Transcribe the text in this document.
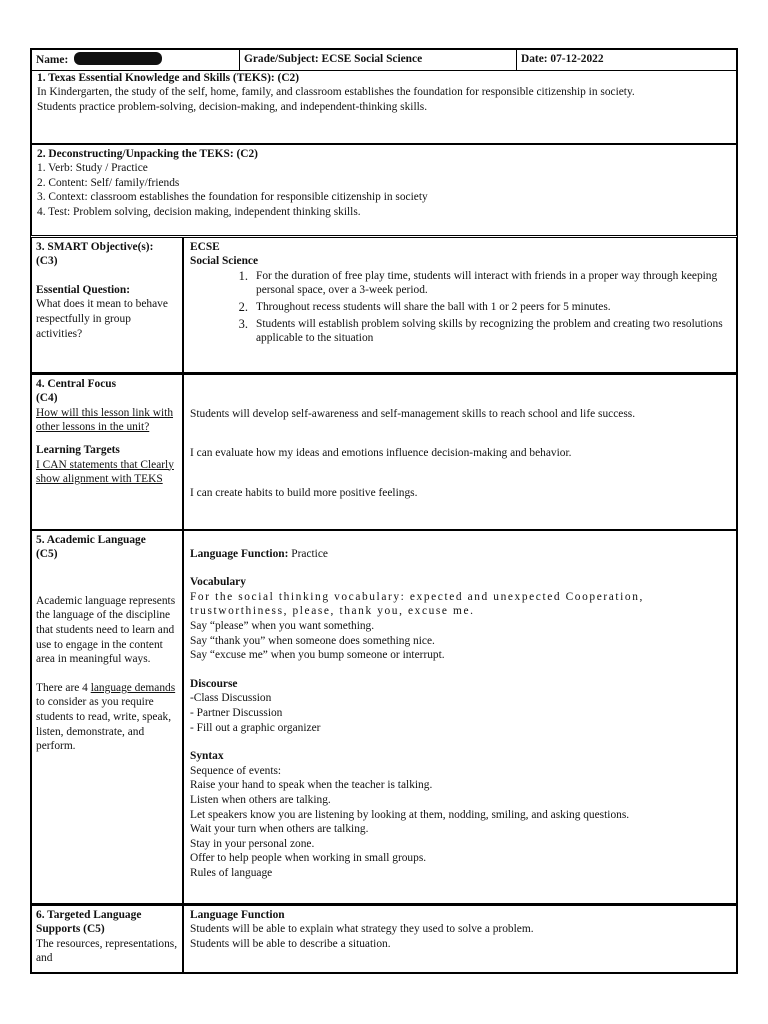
Name:	Grade/Subject: ECSE Social Science	Date: 07-12-2022
1. Texas Essential Knowledge and Skills (TEKS): (C2)
In Kindergarten, the study of the self, home, family, and classroom establishes the foundation for responsible citizenship in society.
Students practice problem-solving, decision-making, and independent-thinking skills.
2. Deconstructing/Unpacking the TEKS: (C2)
1. Verb: Study / Practice
2. Content: Self/ family/friends
3. Context: classroom establishes the foundation for responsible citizenship in society
4. Test: Problem solving, decision making, independent thinking skills.
3. SMART Objective(s):
(C3)
Essential Question:
What does it mean to behave respectfully in group activities?
ECSE
Social Science
1. For the duration of free play time, students will interact with friends in a proper way through keeping personal space, over a 3-week period.
2. Throughout recess students will share the ball with 1 or 2 peers for 5 minutes.
3. Students will establish problem solving skills by recognizing the problem and creating two resolutions applicable to the situation
4. Central Focus
(C4)
How will this lesson link with other lessons in the unit?
Learning Targets
I CAN statements that Clearly show alignment with TEKS
Students will develop self-awareness and self-management skills to reach school and life success.
I can evaluate how my ideas and emotions influence decision-making and behavior.
I can create habits to build more positive feelings.
5. Academic Language
(C5)
Academic language represents the language of the discipline that students need to learn and use to engage in the content area in meaningful ways.
There are 4 language demands to consider as you require students to read, write, speak, listen, demonstrate, and perform.
Language Function: Practice
Vocabulary
For the social thinking vocabulary: expected and unexpected Cooperation,
trustworthiness, please, thank you, excuse me.
Say “please” when you want something.
Say “thank you” when someone does something nice.
Say “excuse me” when you bump someone or interrupt.
Discourse
-Class Discussion
- Partner Discussion
- Fill out a graphic organizer
Syntax
Sequence of events:
Raise your hand to speak when the teacher is talking.
Listen when others are talking.
Let speakers know you are listening by looking at them, nodding, smiling, and asking questions.
Wait your turn when others are talking.
Stay in your personal zone.
Offer to help people when working in small groups.
Rules of language
6. Targeted Language Supports (C5)
The resources, representations, and
Language Function
Students will be able to explain what strategy they used to solve a problem.
Students will be able to describe a situation.
